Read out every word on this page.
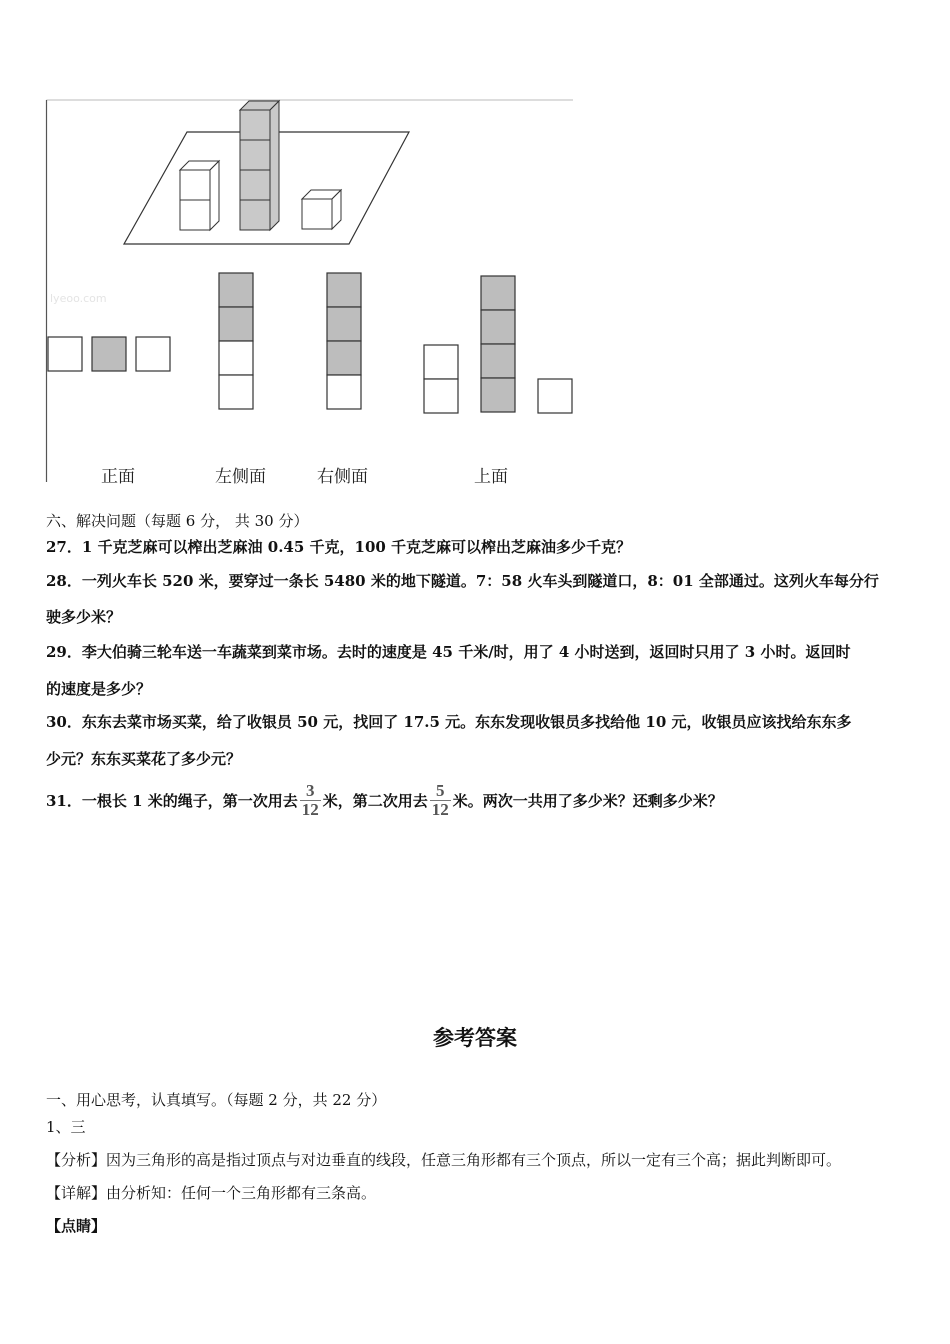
lyeoo.com
正面	左侧面	右侧面	上面
六、解决问题（每题 6 分， 共 30 分）
27．1 千克芝麻可以榨出芝麻油 0.45 千克，100 千克芝麻可以榨出芝麻油多少千克？
28．一列火车长 520 米，要穿过一条长 5480 米的地下隧道。7：58 火车头到隧道口，8：01 全部通过。这列火车每分行
驶多少米？
29．李大伯骑三轮车送一车蔬菜到菜市场。去时的速度是 45 千米/时，用了 4 小时送到，返回时只用了 3 小时。返回时
的速度是多少？
30．东东去菜市场买菜，给了收银员 50 元，找回了 17.5 元。东东发现收银员多找给他 10 元，收银员应该找给东东多
少元？东东买菜花了多少元？
31．一根长 1 米的绳子，第一次用去 $\frac{3}{12}$ 米，第二次用去 $\frac{5}{12}$ 米。两次一共用了多少米？还剩多少米？
参考答案
一、用心思考，认真填写。（每题 2 分，共 22 分）
1、三
【分析】因为三角形的高是指过顶点与对边垂直的线段，任意三角形都有三个顶点，所以一定有三个高；据此判断即可。
【详解】由分析知：任何一个三角形都有三条高。
【点睛】
